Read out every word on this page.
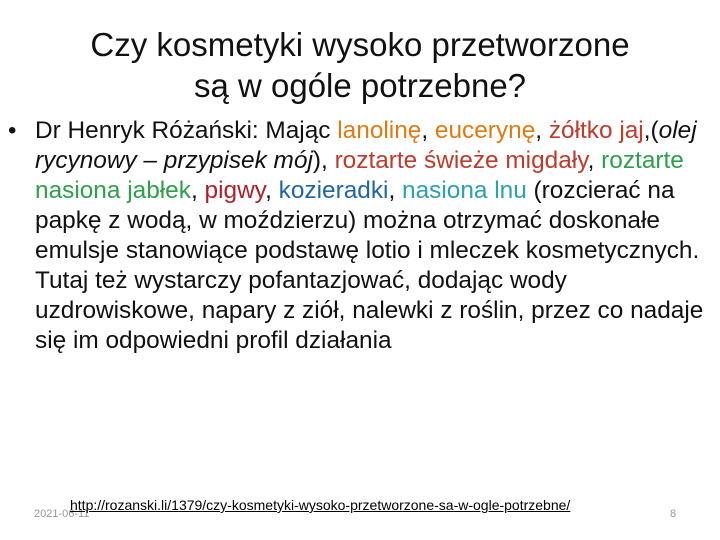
Czy kosmetyki wysoko przetworzone
są w ogóle potrzebne?
• Dr Henryk Różański: Mając lanolinę, eucerynę, żółtko jaj,(olej rycynowy – przypisek mój), roztarte świeże migdały, roztarte nasiona jabłek, pigwy, kozieradki, nasiona lnu (rozcierać na papkę z wodą, w moździerzu) można otrzymać doskonałe emulsje stanowiące podstawę lotio i mleczek kosmetycznych. Tutaj też wystarczy pofantazjować, dodając wody uzdrowiskowe, napary z ziół, nalewki z roślin, przez co nadaje się im odpowiedni profil działania
2021-06-11
http://rozanski.li/1379/czy-kosmetyki-wysoko-przetworzone-sa-w-ogle-potrzebne/
8
